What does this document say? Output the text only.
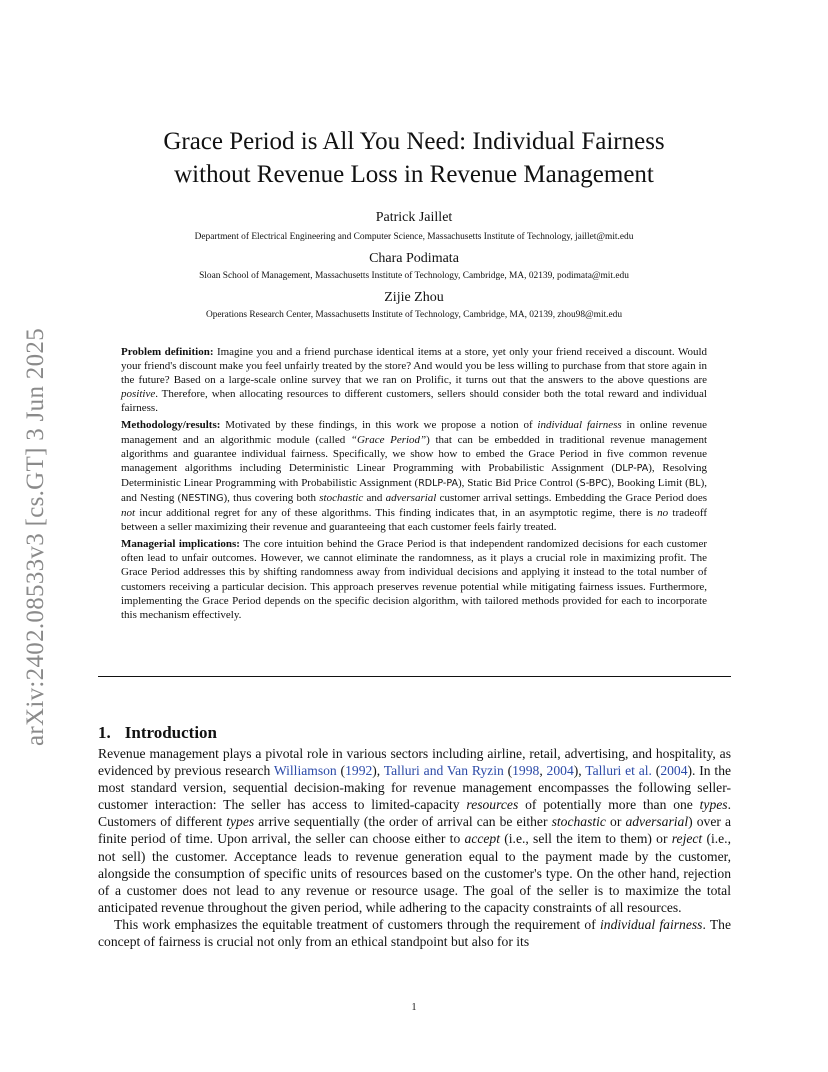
arXiv:2402.08533v3 [cs.GT] 3 Jun 2025
Grace Period is All You Need: Individual Fairness
without Revenue Loss in Revenue Management
Patrick Jaillet
Department of Electrical Engineering and Computer Science, Massachusetts Institute of Technology, jaillet@mit.edu
Chara Podimata
Sloan School of Management, Massachusetts Institute of Technology, Cambridge, MA, 02139, podimata@mit.edu
Zijie Zhou
Operations Research Center, Massachusetts Institute of Technology, Cambridge, MA, 02139, zhou98@mit.edu

Problem definition: Imagine you and a friend purchase identical items at a store, yet only your friend received a discount. Would your friend's discount make you feel unfairly treated by the store? And would you be less willing to purchase from that store again in the future? Based on a large-scale online survey that we ran on Prolific, it turns out that the answers to the above questions are positive. Therefore, when allocating resources to different customers, sellers should consider both the total reward and individual fairness.

Methodology/results: Motivated by these findings, in this work we propose a notion of individual fairness in online revenue management and an algorithmic module (called “Grace Period”) that can be embedded in traditional revenue management algorithms and guarantee individual fairness. Specifically, we show how to embed the Grace Period in five common revenue management algorithms including Deterministic Linear Programming with Probabilistic Assignment (DLP-PA), Resolving Deterministic Linear Programming with Probabilistic Assignment (RDLP-PA), Static Bid Price Control (S-BPC), Booking Limit (BL), and Nesting (NESTING), thus covering both stochastic and adversarial customer arrival settings. Embedding the Grace Period does not incur additional regret for any of these algorithms. This finding indicates that, in an asymptotic regime, there is no tradeoff between a seller maximizing their revenue and guaranteeing that each customer feels fairly treated.

Managerial implications: The core intuition behind the Grace Period is that independent randomized decisions for each customer often lead to unfair outcomes. However, we cannot eliminate the randomness, as it plays a crucial role in maximizing profit. The Grace Period addresses this by shifting randomness away from individual decisions and applying it instead to the total number of customers receiving a particular decision. This approach preserves revenue potential while mitigating fairness issues. Furthermore, implementing the Grace Period depends on the specific decision algorithm, with tailored methods provided for each to incorporate this mechanism effectively.

1. Introduction

Revenue management plays a pivotal role in various sectors including airline, retail, advertising, and hospitality, as evidenced by previous research Williamson (1992), Talluri and Van Ryzin (1998, 2004), Talluri et al. (2004). In the most standard version, sequential decision-making for revenue management encompasses the following seller-customer interaction: The seller has access to limited-capacity resources of potentially more than one types. Customers of different types arrive sequentially (the order of arrival can be either stochastic or adversarial) over a finite period of time. Upon arrival, the seller can choose either to accept (i.e., sell the item to them) or reject (i.e., not sell) the customer. Acceptance leads to revenue generation equal to the payment made by the customer, alongside the consumption of specific units of resources based on the customer's type. On the other hand, rejection of a customer does not lead to any revenue or resource usage. The goal of the seller is to maximize the total anticipated revenue throughout the given period, while adhering to the capacity constraints of all resources.

This work emphasizes the equitable treatment of customers through the requirement of individual fairness. The concept of fairness is crucial not only from an ethical standpoint but also for its

1
